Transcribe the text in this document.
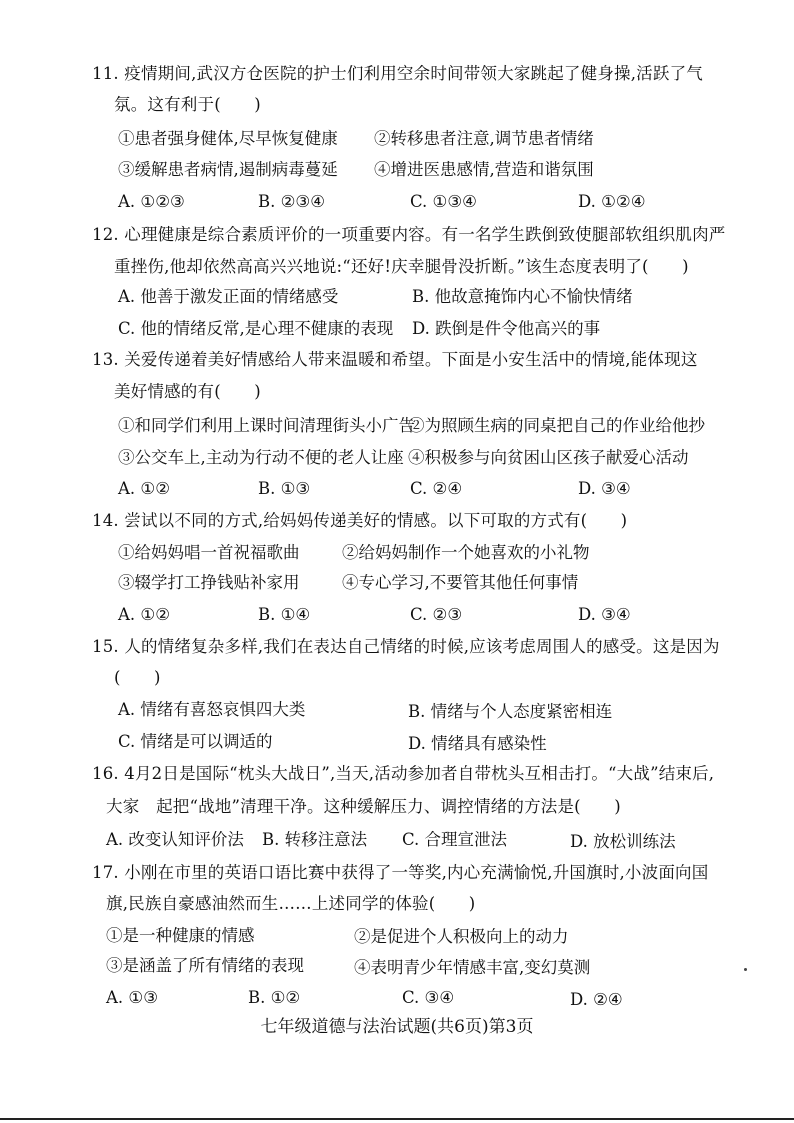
11. 疫情期间,武汉方仓医院的护士们利用空余时间带领大家跳起了健身操,活跃了气
氛。这有利于(　　)
①患者强身健体,尽早恢复健康 ②转移患者注意,调节患者情绪
③缓解患者病情,遏制病毒蔓延 ④增进医患感情,营造和谐氛围
A. ①②③	B. ②③④	C. ①③④	D. ①②④
12. 心理健康是综合素质评价的一项重要内容。有一名学生跌倒致使腿部软组织肌肉严
重挫伤,他却依然高高兴兴地说:“还好!庆幸腿骨没折断。”该生态度表明了(　　)
A. 他善于激发正面的情绪感受	B. 他故意掩饰内心不愉快情绪
C. 他的情绪反常,是心理不健康的表现 D. 跌倒是件令他高兴的事
13. 关爱传递着美好情感给人带来温暖和希望。下面是小安生活中的情境,能体现这
美好情感的有(　　)
①和同学们利用上课时间清理街头小广告
②为照顾生病的同桌把自己的作业给他抄
③公交车上,主动为行动不便的老人让座 ④积极参与向贫困山区孩子献爱心活动
A. ①②	B. ①③	C. ②④	D. ③④
14. 尝试以不同的方式,给妈妈传递美好的情感。以下可取的方式有(　　)
①给妈妈唱一首祝福歌曲	②给妈妈制作一个她喜欢的小礼物
③辍学打工挣钱贴补家用	④专心学习,不要管其他任何事情
A. ①②	B. ①④	C. ②③	D. ③④
15. 人的情绪复杂多样,我们在表达自己情绪的时候,应该考虑周围人的感受。这是因为
(　　)
A. 情绪有喜怒哀惧四大类	B. 情绪与个人态度紧密相连
C. 情绪是可以调适的	D. 情绪具有感染性
16. 4月2日是国际“枕头大战日”,当天,活动参加者自带枕头互相击打。“大战”结束后,
大家　起把“战地”清理干净。这种缓解压力、调控情绪的方法是(　　)
A. 改变认知评价法 B. 转移注意法 C. 合理宣泄法	D. 放松训练法
17. 小刚在市里的英语口语比赛中获得了一等奖,内心充满愉悦,升国旗时,小波面向国
旗,民族自豪感油然而生……上述同学的体验(　　)
①是一种健康的情感	②是促进个人积极向上的动力
③是涵盖了所有情绪的表现	④表明青少年情感丰富,变幻莫测
A. ①③	B. ①②	C. ③④	D. ②④
七年级道德与法治试题(共6页)第3页
